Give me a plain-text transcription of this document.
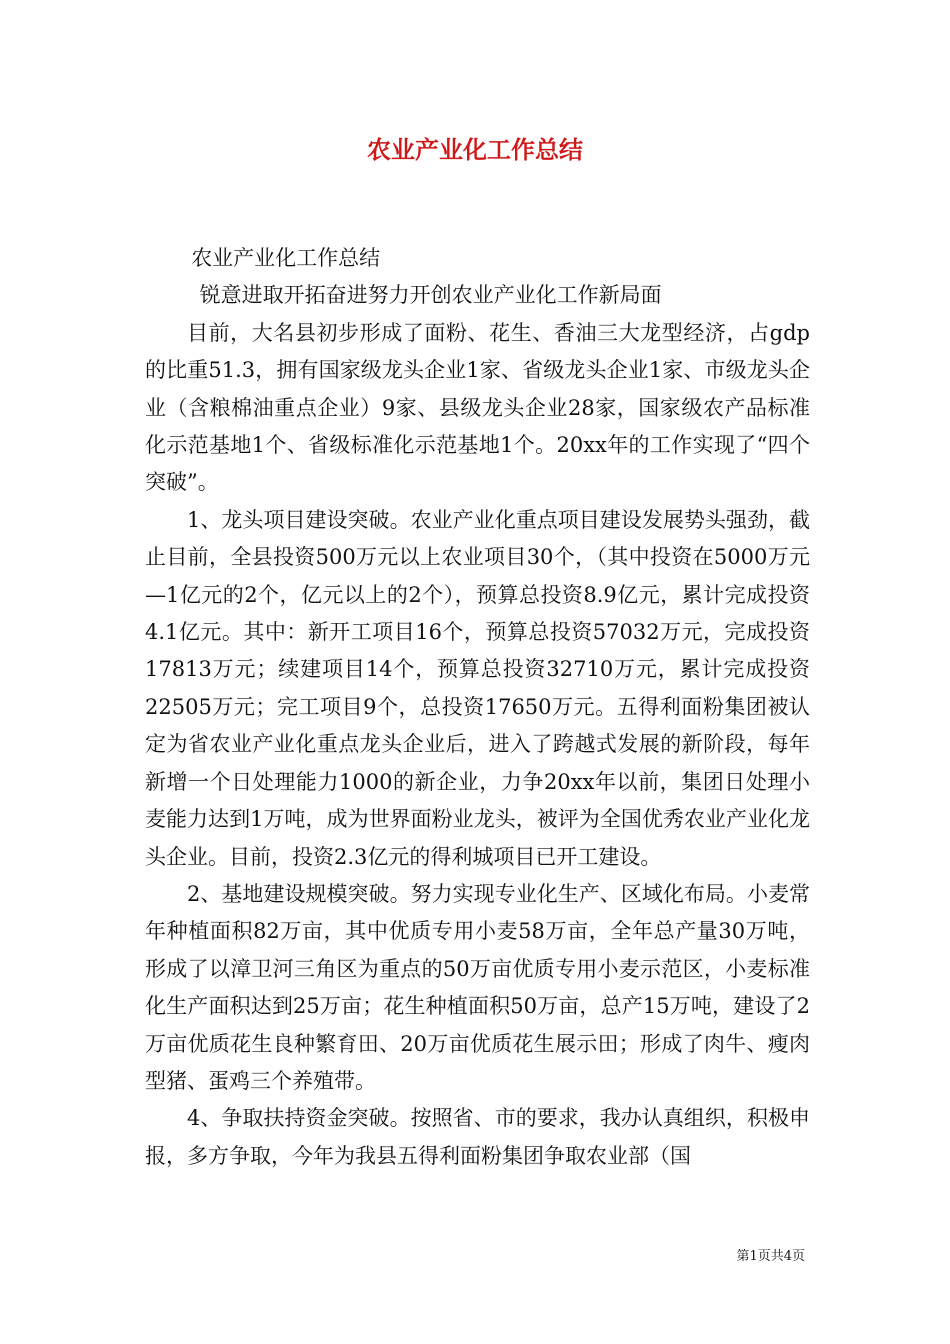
农业产业化工作总结

农业产业化工作总结

锐意进取开拓奋进努力开创农业产业化工作新局面

目前，大名县初步形成了面粉、花生、香油三大龙型经济，占gdp的比重51.3，拥有国家级龙头企业1家、省级龙头企业1家、市级龙头企业（含粮棉油重点企业）9家、县级龙头企业28家，国家级农产品标准化示范基地1个、省级标准化示范基地1个。20xx年的工作实现了“四个突破”。

1、龙头项目建设突破。农业产业化重点项目建设发展势头强劲，截止目前，全县投资500万元以上农业项目30个，（其中投资在5000万元—1亿元的2个，亿元以上的2个），预算总投资8.9亿元，累计完成投资4.1亿元。其中：新开工项目16个，预算总投资57032万元，完成投资17813万元；续建项目14个，预算总投资32710万元，累计完成投资22505万元；完工项目9个，总投资17650万元。五得利面粉集团被认定为省农业产业化重点龙头企业后，进入了跨越式发展的新阶段，每年新增一个日处理能力1000的新企业，力争20xx年以前，集团日处理小麦能力达到1万吨，成为世界面粉业龙头，被评为全国优秀农业产业化龙头企业。目前，投资2.3亿元的得利城项目已开工建设。

2、基地建设规模突破。努力实现专业化生产、区域化布局。小麦常年种植面积82万亩，其中优质专用小麦58万亩，全年总产量30万吨，形成了以漳卫河三角区为重点的50万亩优质专用小麦示范区，小麦标准化生产面积达到25万亩；花生种植面积50万亩，总产15万吨，建设了2万亩优质花生良种繁育田、20万亩优质花生展示田；形成了肉牛、瘦肉型猪、蛋鸡三个养殖带。

4、争取扶持资金突破。按照省、市的要求，我办认真组织，积极申报，多方争取，今年为我县五得利面粉集团争取农业部（国

第1页共4页
